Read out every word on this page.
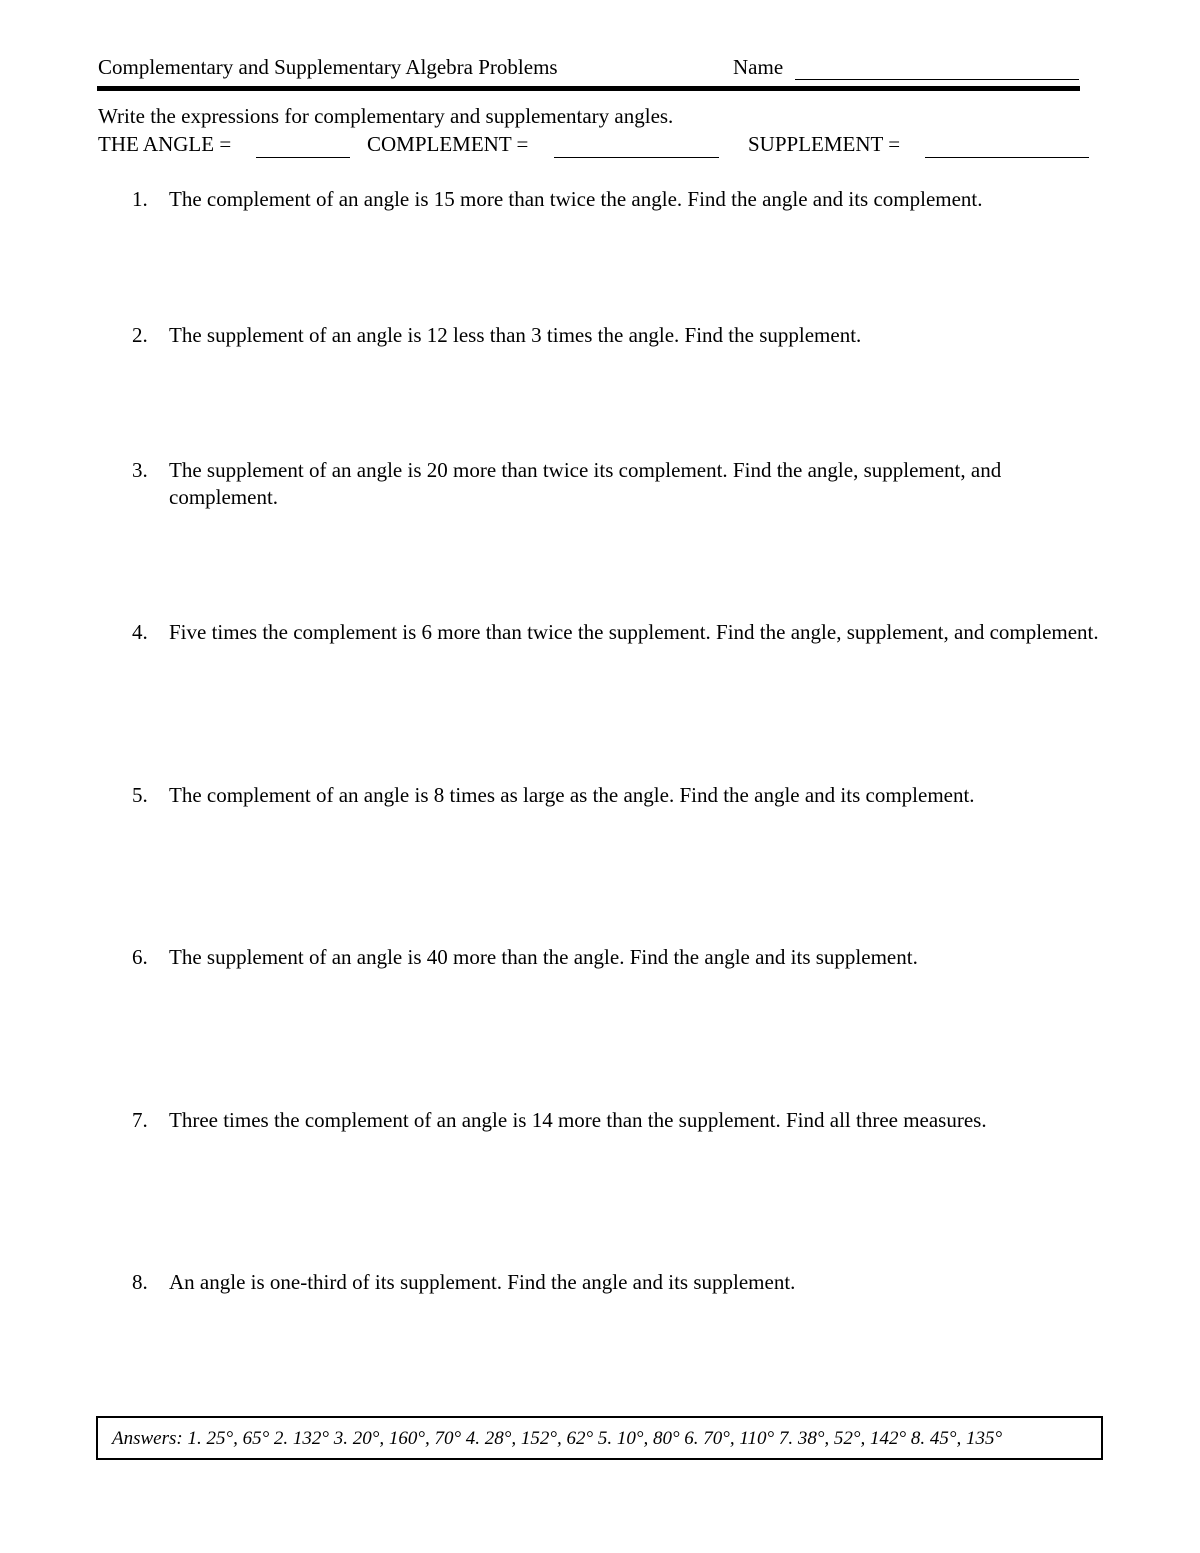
Complementary and Supplementary Algebra Problems	Name
Write the expressions for complementary and supplementary angles.
THE ANGLE =	COMPLEMENT =	SUPPLEMENT =
1. The complement of an angle is 15 more than twice the angle. Find the angle and its complement.
2. The supplement of an angle is 12 less than 3 times the angle. Find the supplement.
3. The supplement of an angle is 20 more than twice its complement. Find the angle, supplement, and complement.
4. Five times the complement is 6 more than twice the supplement. Find the angle, supplement, and complement.
5. The complement of an angle is 8 times as large as the angle. Find the angle and its complement.
6. The supplement of an angle is 40 more than the angle. Find the angle and its supplement.
7. Three times the complement of an angle is 14 more than the supplement. Find all three measures.
8. An angle is one-third of its supplement. Find the angle and its supplement.
Answers: 1. 25°, 65° 2. 132° 3. 20°, 160°, 70° 4. 28°, 152°, 62° 5. 10°, 80° 6. 70°, 110° 7. 38°, 52°, 142° 8. 45°, 135°
